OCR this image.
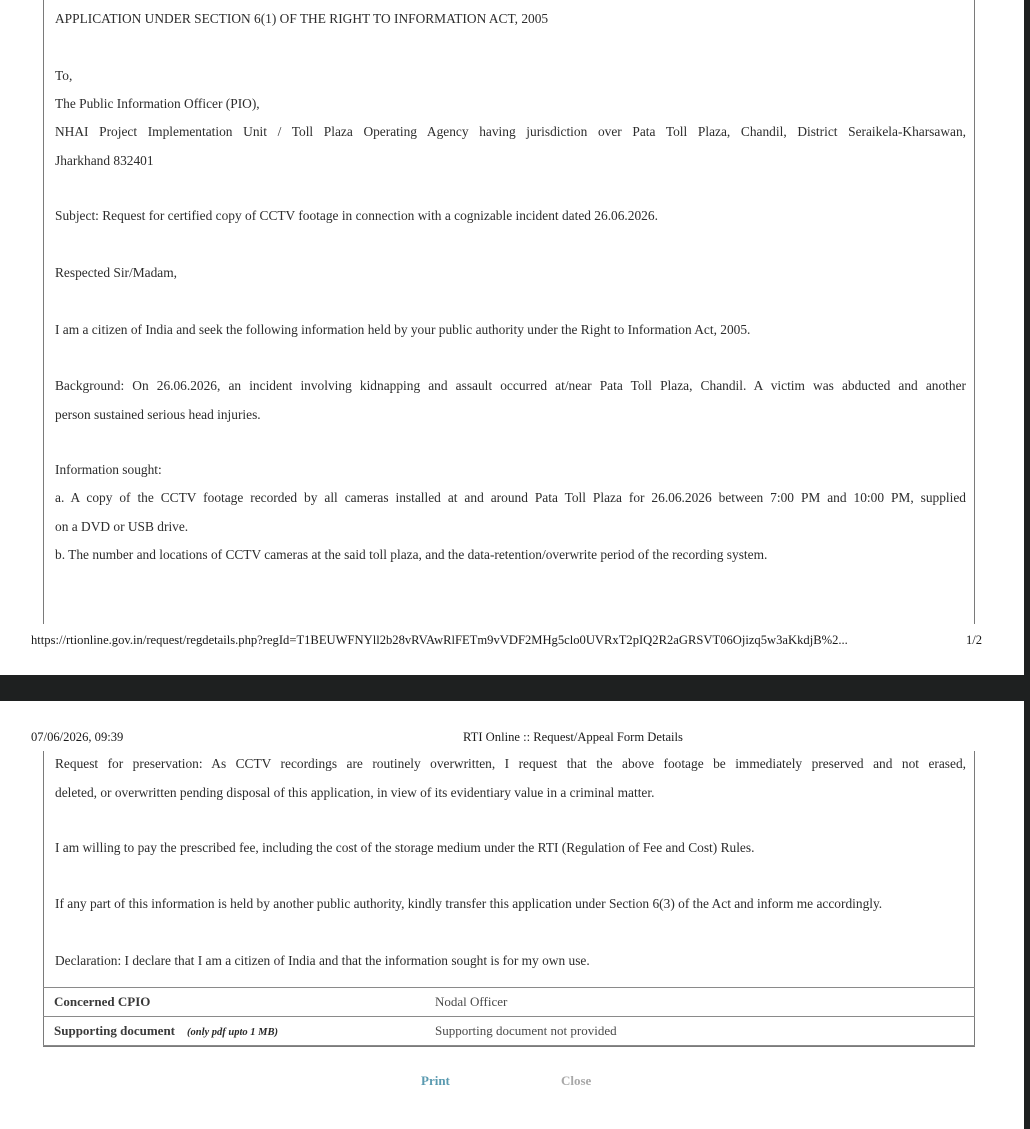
APPLICATION UNDER SECTION 6(1) OF THE RIGHT TO INFORMATION ACT, 2005

To,

The Public Information Officer (PIO),

NHAI Project Implementation Unit / Toll Plaza Operating Agency having jurisdiction over Pata Toll Plaza, Chandil, District Seraikela-Kharsawan,
Jharkhand 832401

Subject: Request for certified copy of CCTV footage in connection with a cognizable incident dated 26.06.2026.

Respected Sir/Madam,

I am a citizen of India and seek the following information held by your public authority under the Right to Information Act, 2005.

Background: On 26.06.2026, an incident involving kidnapping and assault occurred at/near Pata Toll Plaza, Chandil. A victim was abducted and another
person sustained serious head injuries.

Information sought:

a. A copy of the CCTV footage recorded by all cameras installed at and around Pata Toll Plaza for 26.06.2026 between 7:00 PM and 10:00 PM, supplied
on a DVD or USB drive.

b. The number and locations of CCTV cameras at the said toll plaza, and the data-retention/overwrite period of the recording system.

https://rtionline.gov.in/request/regdetails.php?regId=T1BEUWFNYll2b28vRVAwRlFETm9vVDF2MHg5clo0UVRxT2pIQ2R2aGRSVT06Ojizq5w3aKkdjB%2...	1/2
07/06/2026, 09:39	RTI Online :: Request/Appeal Form Details

Request for preservation: As CCTV recordings are routinely overwritten, I request that the above footage be immediately preserved and not erased,
deleted, or overwritten pending disposal of this application, in view of its evidentiary value in a criminal matter.

I am willing to pay the prescribed fee, including the cost of the storage medium under the RTI (Regulation of Fee and Cost) Rules.

If any part of this information is held by another public authority, kindly transfer this application under Section 6(3) of the Act and inform me accordingly.

Declaration: I declare that I am a citizen of India and that the information sought is for my own use.

Concerned CPIO	Nodal Officer
Supporting document (only pdf upto 1 MB)	Supporting document not provided
Print	Close
